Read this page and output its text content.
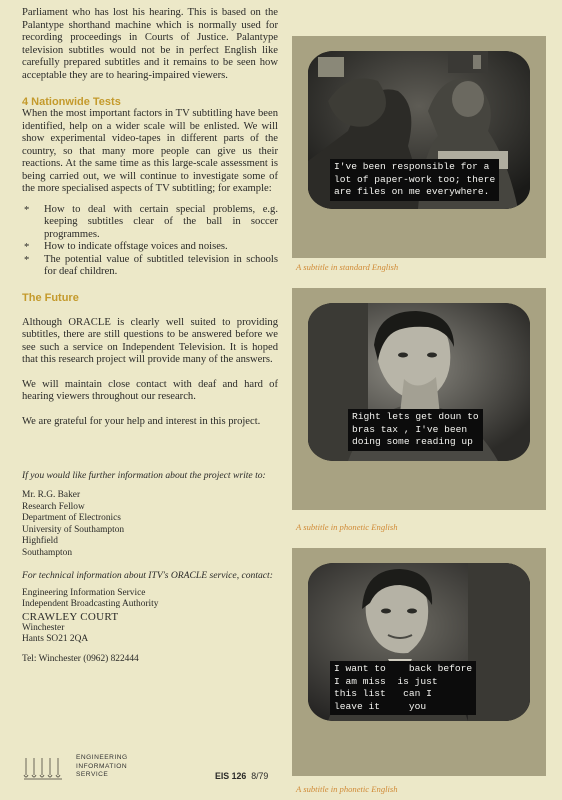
Parliament who has lost his hearing. This is based on the Palantype shorthand machine which is normally used for recording proceedings in Courts of Justice. Palantype television subtitles would not be in perfect English like carefully prepared subtitles and it remains to be seen how acceptable they are to hearing-impaired viewers.

4 Nationwide Tests

When the most important factors in TV subtitling have been identified, help on a wider scale will be enlisted. We will show experimental video-tapes in different parts of the country, so that many more people can give us their reactions. At the same time as this large-scale assessment is being carried out, we will continue to investigate some of the more specialised aspects of TV subtitling; for example:

* How to deal with certain special problems, e.g. keeping subtitles clear of the ball in soccer programmes.
* How to indicate offstage voices and noises.
* The potential value of subtitled television in schools for deaf children.

The Future

Although ORACLE is clearly well suited to providing subtitles, there are still questions to be answered before we see such a service on Independent Television. It is hoped that this research project will provide many of the answers.

We will maintain close contact with deaf and hard of hearing viewers throughout our research.

We are grateful for your help and interest in this project.

If you would like further information about the project write to:

Mr. R.G. Baker

Research Fellow

Department of Electronics

University of Southampton

Highfield

Southampton

For technical information about ITV's ORACLE service, contact:

Engineering Information Service

Independent Broadcasting Authority

CRAWLEY COURT

Winchester

Hants SO21 2QA

Tel: Winchester (0962) 822444

ENGINEERING
INFORMATION
SERVICE	EIS 126 8/79
I've been responsible for a
lot of paper-work too; there
are files on me everywhere.
A subtitle in standard English
Right lets get doun to
bras tax , I've been
doing some reading up
A subtitle in phonetic English
I want to    back before
I am miss  is just
this list   can I
leave it     you
A subtitle in phonetic English
